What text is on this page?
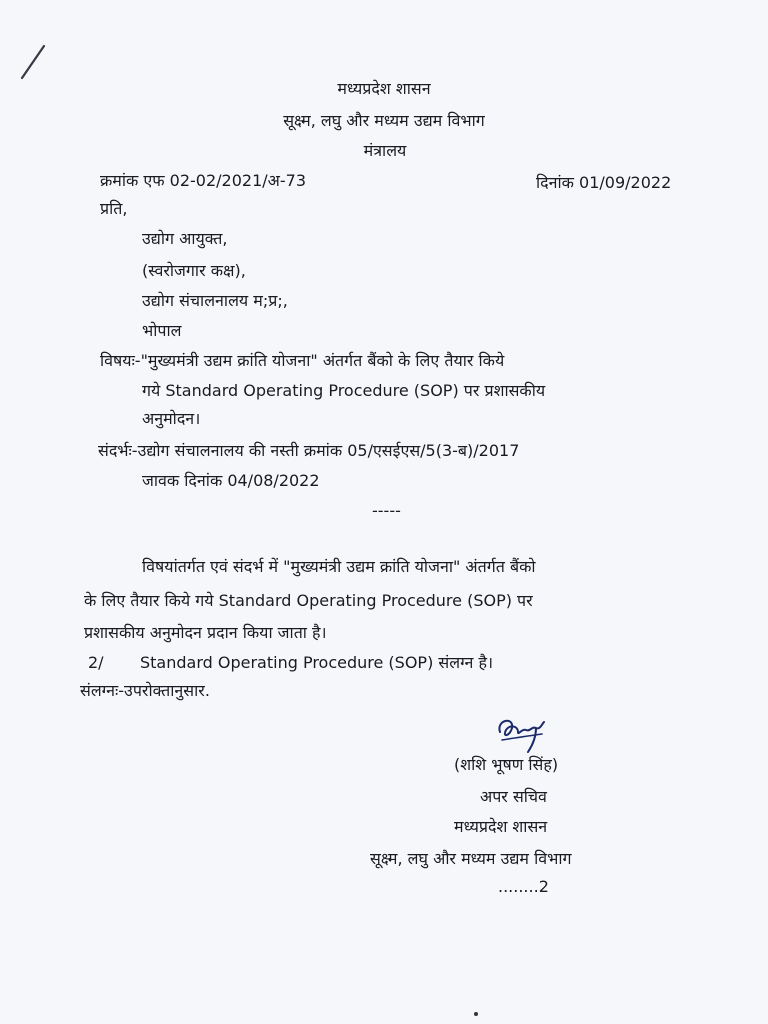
मध्यप्रदेश शासन
सूक्ष्म, लघु और मध्यम उद्यम विभाग
मंत्रालय
क्रमांक एफ 02-02/2021/अ-73	दिनांक 01/09/2022
प्रति,
उद्योग आयुक्त,
(स्वरोजगार कक्ष),
उद्योग संचालनालय म;प्र;,
भोपाल
विषयः-"मुख्यमंत्री उद्यम क्रांति योजना" अंतर्गत बैंको के लिए तैयार किये
गये Standard Operating Procedure (SOP) पर प्रशासकीय
अनुमोदन।
संदर्भः-उद्योग संचालनालय की नस्ती क्रमांक 05/एसईएस/5(3-ब)/2017
जावक दिनांक 04/08/2022
-----
विषयांतर्गत एवं संदर्भ में "मुख्यमंत्री उद्यम क्रांति योजना" अंतर्गत बैंको
के लिए तैयार किये गये Standard Operating Procedure (SOP) पर
प्रशासकीय अनुमोदन प्रदान किया जाता है।
2/ Standard Operating Procedure (SOP) संलग्न है।
संलग्नः-उपरोक्तानुसार.
(शशि भूषण सिंह)
अपर सचिव
मध्यप्रदेश शासन
सूक्ष्म, लघु और मध्यम उद्यम विभाग
........2
